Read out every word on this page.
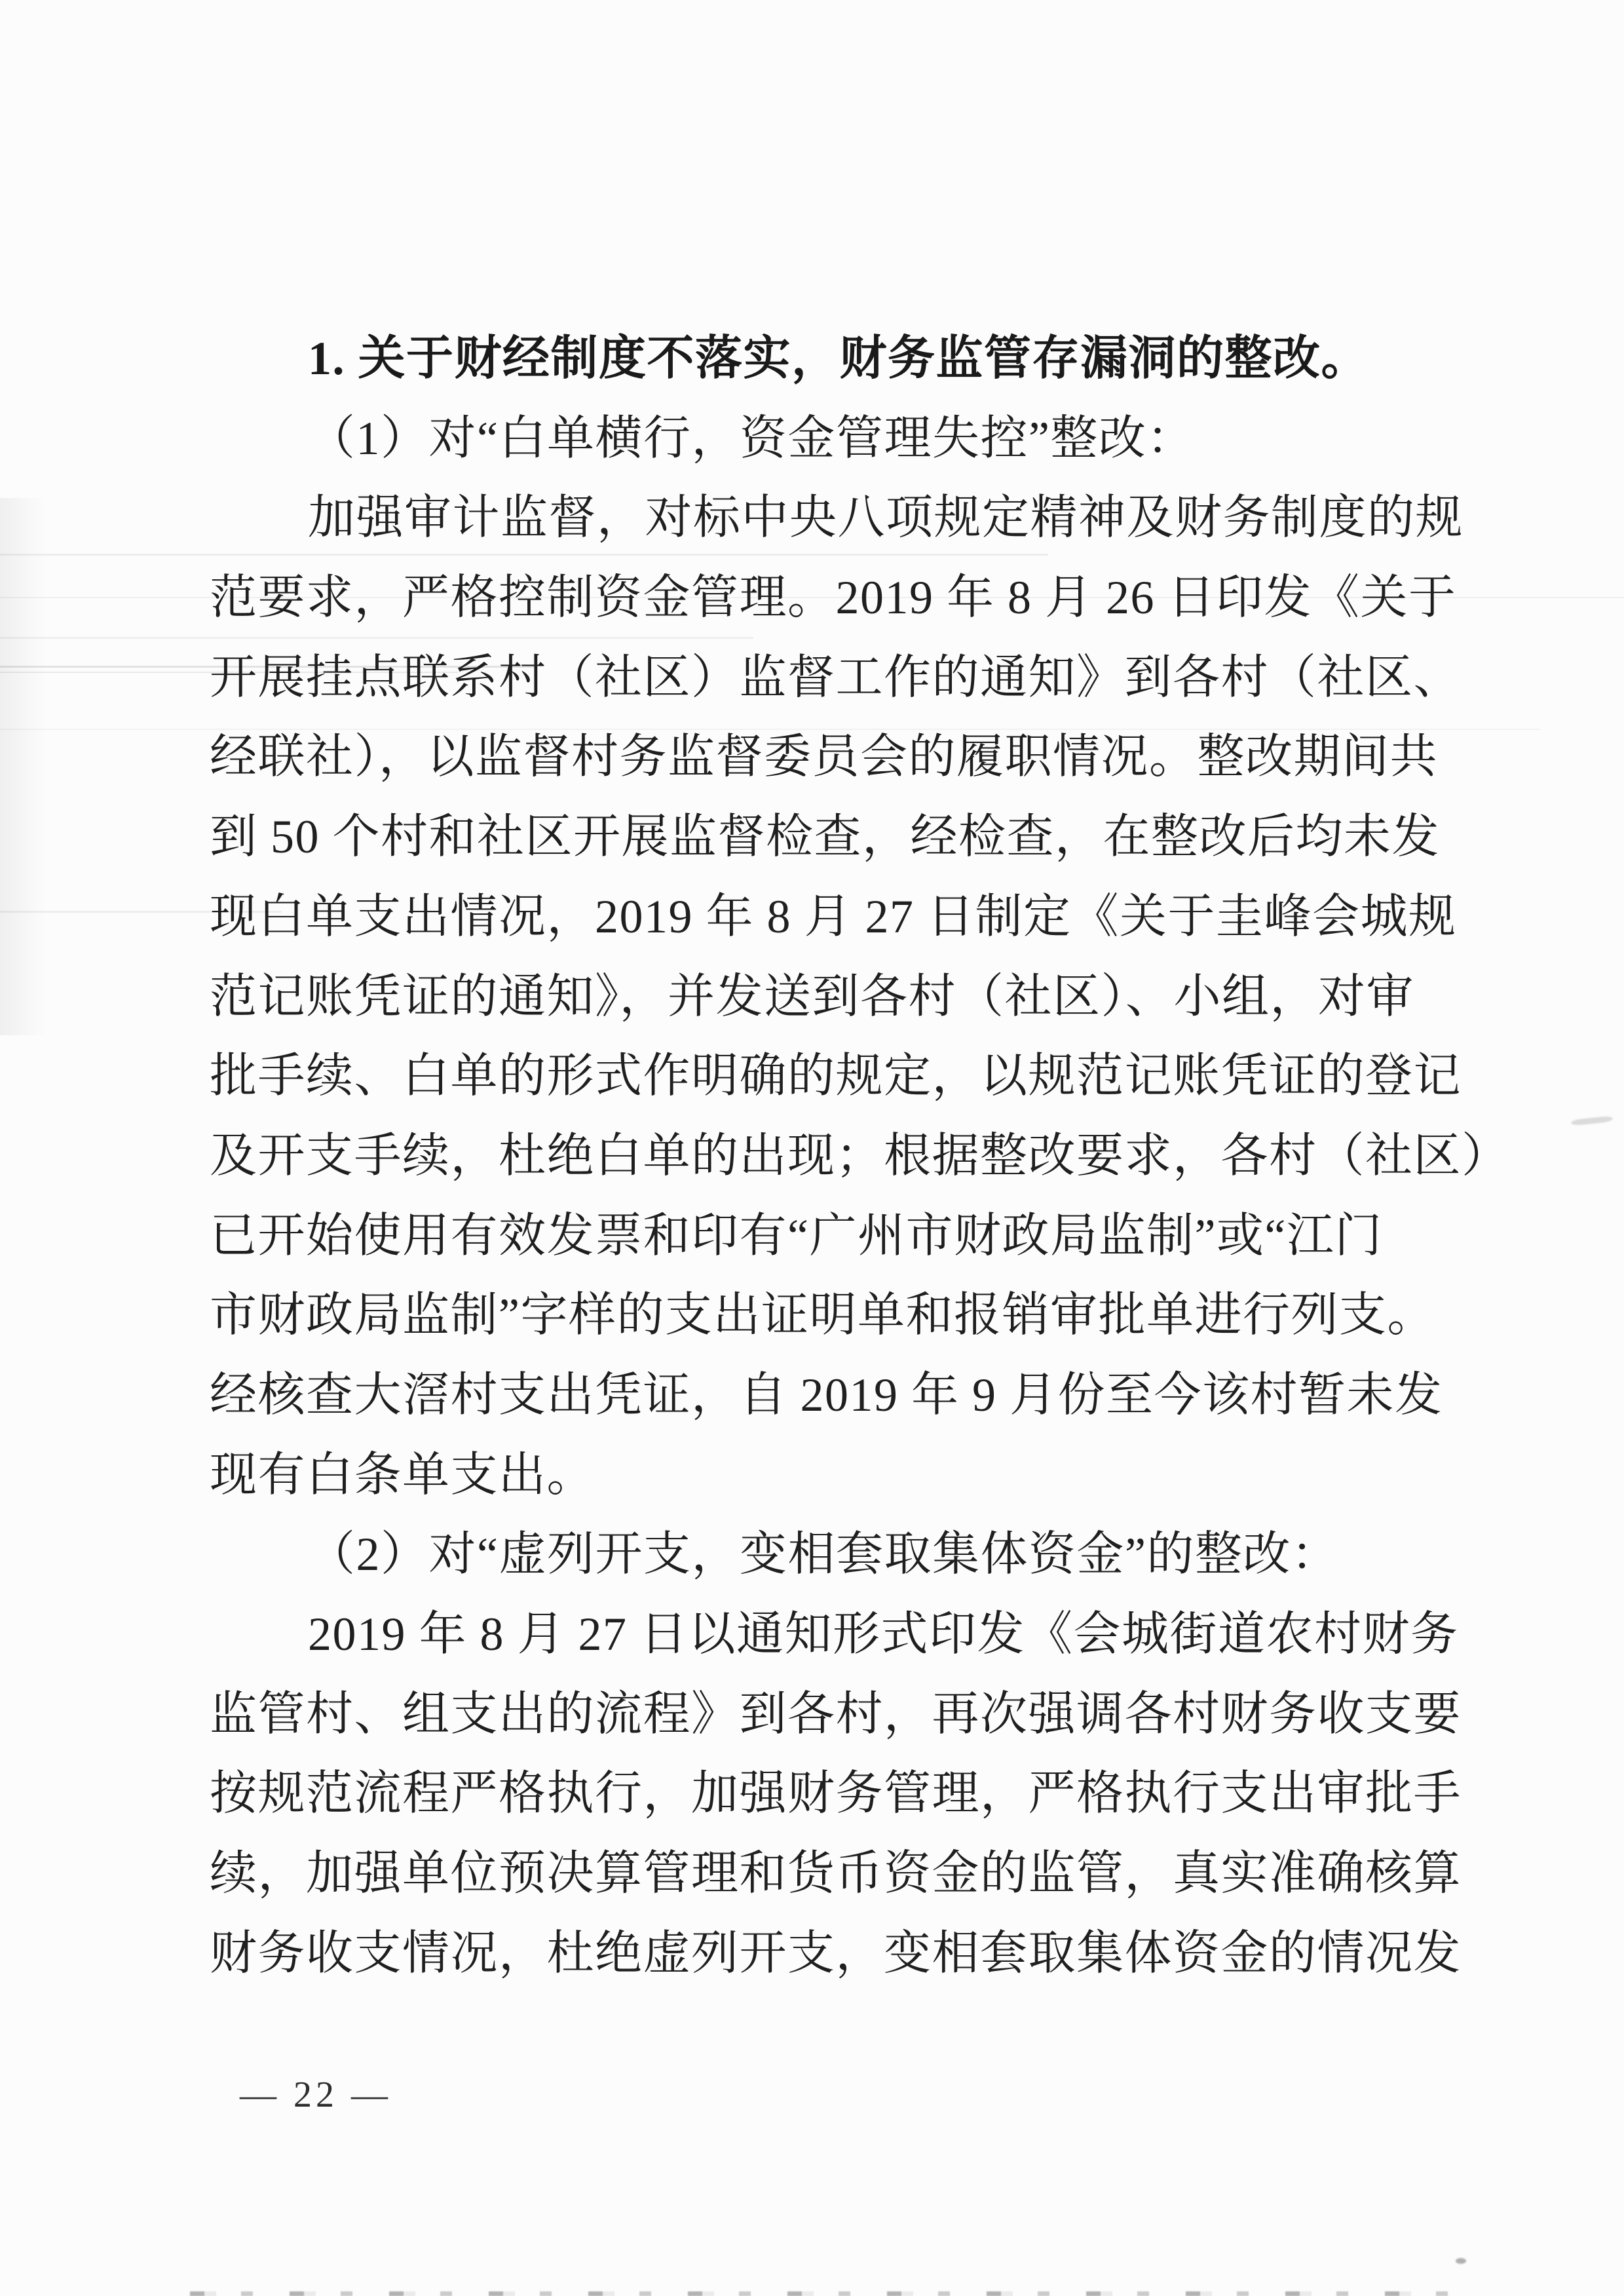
1. 关于财经制度不落实，财务监管存漏洞的整改。
（1）对“白单横行，资金管理失控”整改：
加强审计监督，对标中央八项规定精神及财务制度的规
范要求，严格控制资金管理。2019 年 8 月 26 日印发《关于
开展挂点联系村（社区）监督工作的通知》到各村（社区、
经联社），以监督村务监督委员会的履职情况。整改期间共
到 50 个村和社区开展监督检查，经检查，在整改后均未发
现白单支出情况，2019 年 8 月 27 日制定《关于圭峰会城规
范记账凭证的通知》，并发送到各村（社区）、小组，对审
批手续、白单的形式作明确的规定，以规范记账凭证的登记
及开支手续，杜绝白单的出现；根据整改要求，各村（社区）
已开始使用有效发票和印有“广州市财政局监制”或“江门
市财政局监制”字样的支出证明单和报销审批单进行列支。
经核查大滘村支出凭证，自 2019 年 9 月份至今该村暂未发
现有白条单支出。
（2）对“虚列开支，变相套取集体资金”的整改：
2019 年 8 月 27 日以通知形式印发《会城街道农村财务
监管村、组支出的流程》到各村，再次强调各村财务收支要
按规范流程严格执行，加强财务管理，严格执行支出审批手
续，加强单位预决算管理和货币资金的监管，真实准确核算
财务收支情况，杜绝虚列开支，变相套取集体资金的情况发
— 22 —
